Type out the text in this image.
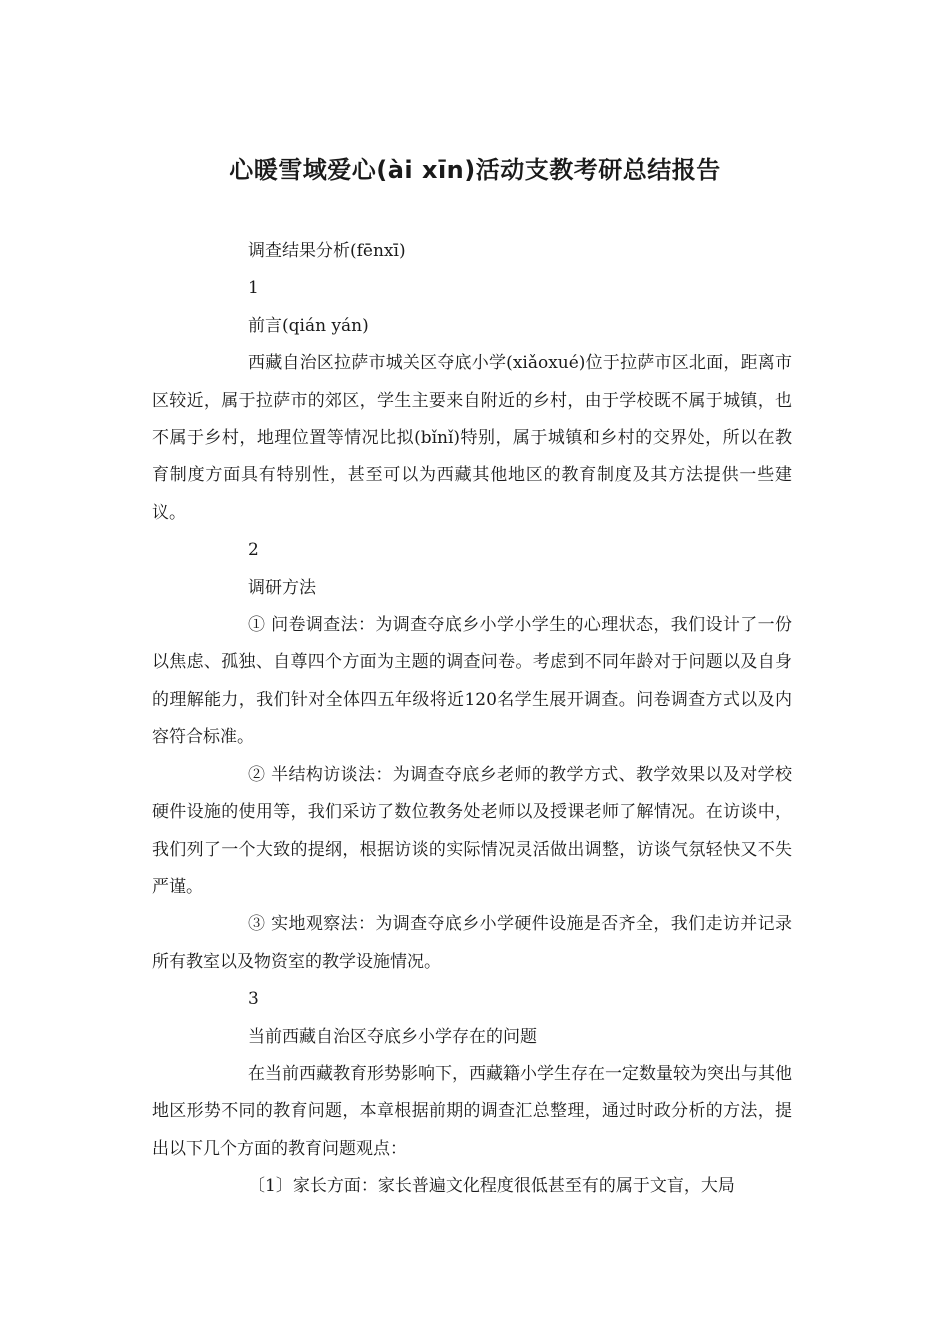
心暖雪域爱心(ài xīn)活动支教考研总结报告

调查结果分析(fēnxī)

1

前言(qián yán)

西藏自治区拉萨市城关区夺底小学(xiǎoxué)位于拉萨市区北面，距离市区较近，属于拉萨市的郊区，学生主要来自附近的乡村，由于学校既不属于城镇，也不属于乡村，地理位置等情况比拟(bǐnǐ)特别，属于城镇和乡村的交界处，所以在教育制度方面具有特别性，甚至可以为西藏其他地区的教育制度及其方法提供一些建议。

2

调研方法

① 问卷调查法：为调查夺底乡小学小学生的心理状态，我们设计了一份以焦虑、孤独、自尊四个方面为主题的调查问卷。考虑到不同年龄对于问题以及自身的理解能力，我们针对全体四五年级将近120名学生展开调查。问卷调查方式以及内容符合标准。

② 半结构访谈法：为调查夺底乡老师的教学方式、教学效果以及对学校硬件设施的使用等，我们采访了数位教务处老师以及授课老师了解情况。在访谈中，我们列了一个大致的提纲，根据访谈的实际情况灵活做出调整，访谈气氛轻快又不失严谨。

③ 实地观察法：为调查夺底乡小学硬件设施是否齐全，我们走访并记录所有教室以及物资室的教学设施情况。

3

当前西藏自治区夺底乡小学存在的问题

在当前西藏教育形势影响下，西藏籍小学生存在一定数量较为突出与其他地区形势不同的教育问题，本章根据前期的调查汇总整理，通过时政分析的方法，提出以下几个方面的教育问题观点：

〔1〕家长方面：家长普遍文化程度很低甚至有的属于文盲，大局
